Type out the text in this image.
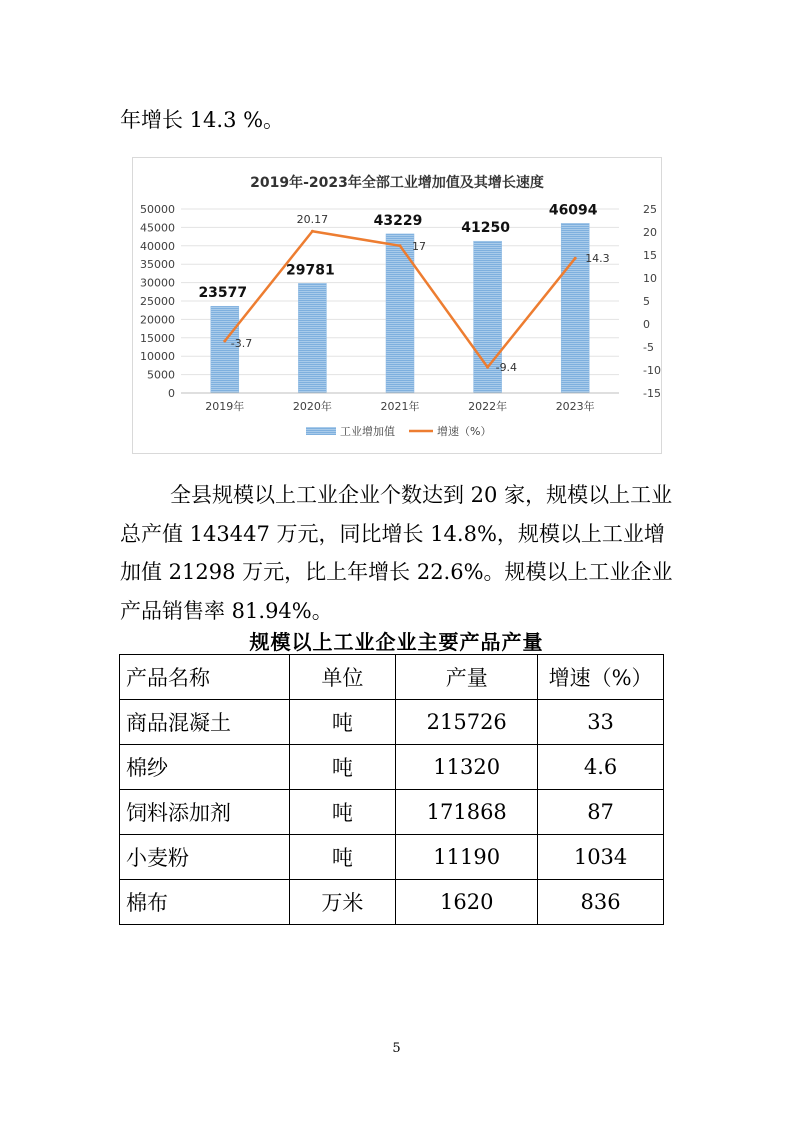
年增长 14.3 %。

2019年-2023年全部工业增加值及其增长速度
23577
29781
43229	41250
46094
-3.7
20.17
17
-9.4
14.3
0
5000
10000
15000
20000
25000
30000
35000
40000
45000
50000
-15
-10
-5
0
5
10
15
20
25
2019年	2020年	2021年	2022年	2023年
工业增加值	增速（%）

全县规模以上工业企业个数达到 20 家，规模以上工业总产值 143447 万元，同比增长 14.8%，规模以上工业增加值 21298 万元，比上年增长 22.6%。规模以上工业企业产品销售率 81.94%。

规模以上工业企业主要产品产量
产品名称	单位	产量	增速（%）
商品混凝土	吨	215726	33
棉纱	吨	11320	4.6
饲料添加剂	吨	171868	87
小麦粉	吨	11190	1034
棉布	万米	1620	836
5
